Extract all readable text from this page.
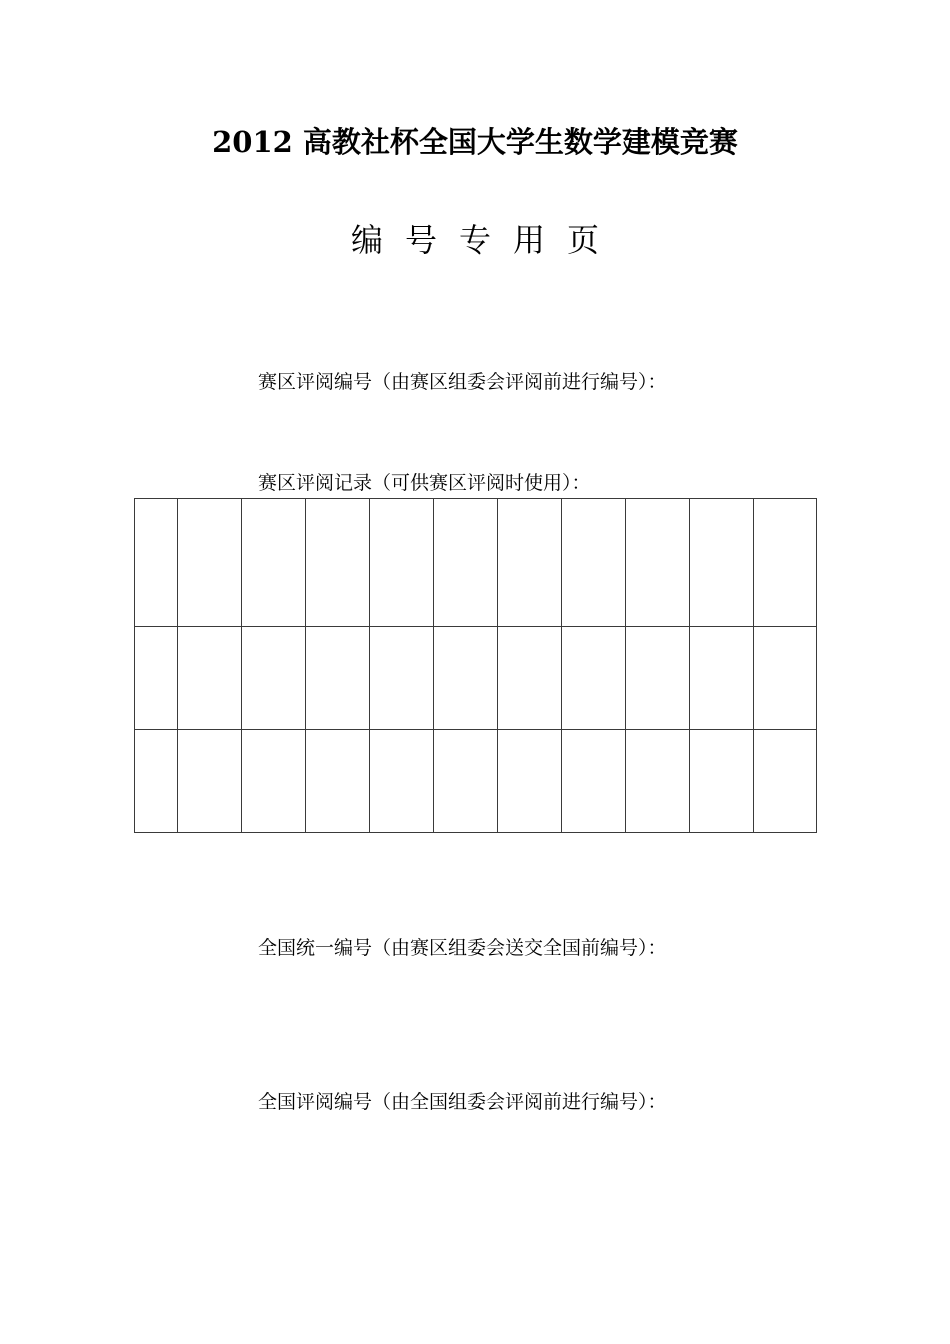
2012 高教社杯全国大学生数学建模竞赛
编 号 专 用 页
赛区评阅编号（由赛区组委会评阅前进行编号）：
赛区评阅记录（可供赛区评阅时使用）：

全国统一编号（由赛区组委会送交全国前编号）：
全国评阅编号（由全国组委会评阅前进行编号）：
